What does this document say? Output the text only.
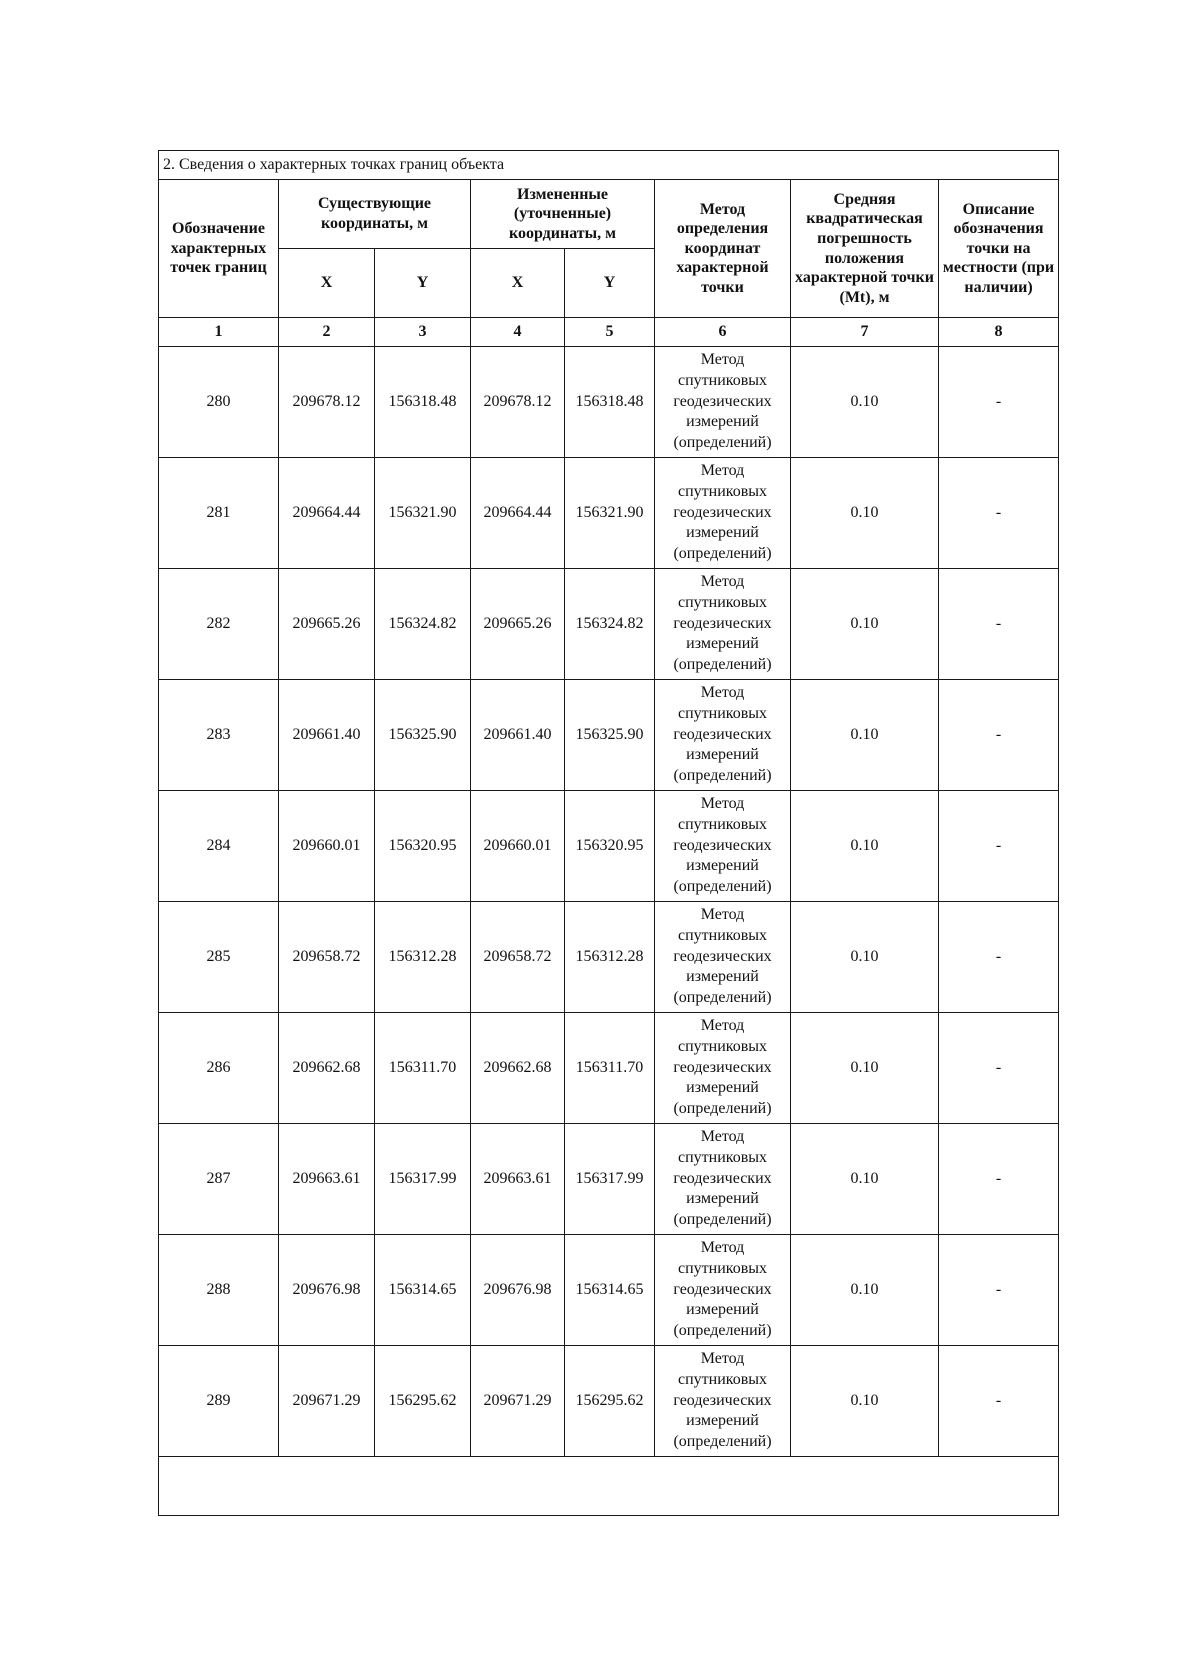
2. Сведения о характерных точках границ объекта							
Обозначение характерных точек границ	Существующие координаты, м		Измененные (уточненные) координаты, м		Метод определения координат характерной точки	Средняя квадратическая погрешность положения характерной точки (Mt), м	Описание обозначения точки на местности (при наличии)
	X	Y	X	Y			
1	2	3	4	5	6	7	8
280	209678.12	156318.48	209678.12	156318.48	Метод спутниковых геодезических измерений (определений)	0.10	-
281	209664.44	156321.90	209664.44	156321.90	Метод спутниковых геодезических измерений (определений)	0.10	-
282	209665.26	156324.82	209665.26	156324.82	Метод спутниковых геодезических измерений (определений)	0.10	-
283	209661.40	156325.90	209661.40	156325.90	Метод спутниковых геодезических измерений (определений)	0.10	-
284	209660.01	156320.95	209660.01	156320.95	Метод спутниковых геодезических измерений (определений)	0.10	-
285	209658.72	156312.28	209658.72	156312.28	Метод спутниковых геодезических измерений (определений)	0.10	-
286	209662.68	156311.70	209662.68	156311.70	Метод спутниковых геодезических измерений (определений)	0.10	-
287	209663.61	156317.99	209663.61	156317.99	Метод спутниковых геодезических измерений (определений)	0.10	-
288	209676.98	156314.65	209676.98	156314.65	Метод спутниковых геодезических измерений (определений)	0.10	-
289	209671.29	156295.62	209671.29	156295.62	Метод спутниковых геодезических измерений (определений)	0.10	-
